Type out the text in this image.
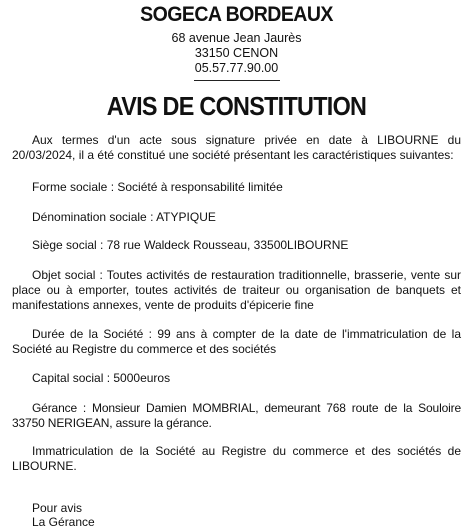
SOGECA BORDEAUX
68 avenue Jean Jaurès
33150 CENON
05.57.77.90.00
AVIS DE CONSTITUTION
Aux termes d'un acte sous signature privée en date à LIBOURNE du 20/03/2024, il a été constitué une société présentant les caractéristiques suivantes:
Forme sociale : Société à responsabilité limitée
Dénomination sociale : ATYPIQUE
Siège social : 78 rue Waldeck Rousseau, 33500LIBOURNE
Objet social : Toutes activités de restauration traditionnelle, brasserie, vente sur place ou à emporter, toutes activités de traiteur ou organisation de banquets et manifestations annexes, vente de produits d'épicerie fine
Durée de la Société : 99 ans à compter de la date de l'immatriculation de la Société au Registre du commerce et des sociétés
Capital social : 5000euros
Gérance : Monsieur Damien MOMBRIAL, demeurant 768 route de la Souloire 33750 NERIGEAN, assure la gérance.
Immatriculation de la Société au Registre du commerce et des sociétés de LIBOURNE.
Pour avis
La Gérance
